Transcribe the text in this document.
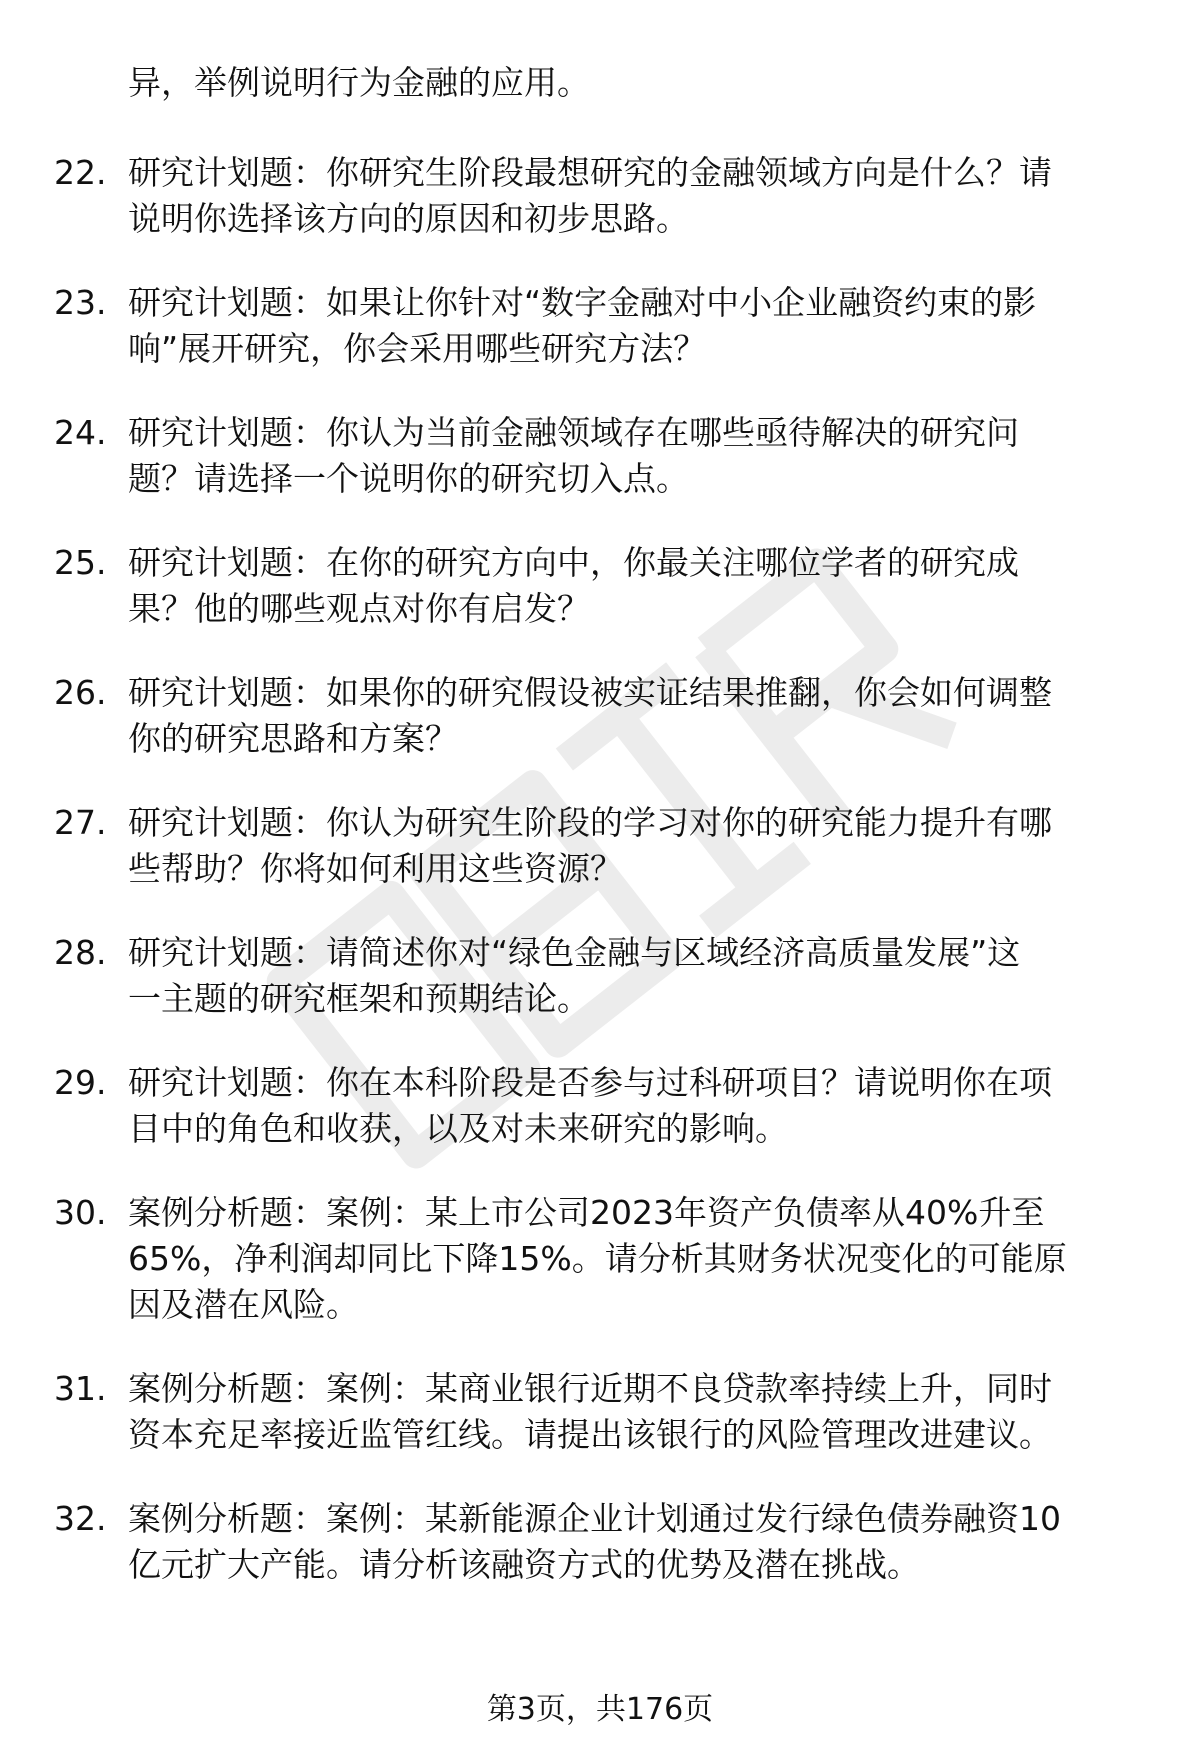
异，举例说明行为金融的应用。
22. 研究计划题：你研究生阶段最想研究的金融领域方向是什么？请
说明你选择该方向的原因和初步思路。
23. 研究计划题：如果让你针对“数字金融对中小企业融资约束的影
响”展开研究，你会采用哪些研究方法？
24. 研究计划题：你认为当前金融领域存在哪些亟待解决的研究问
题？请选择一个说明你的研究切入点。
25. 研究计划题：在你的研究方向中，你最关注哪位学者的研究成
果？他的哪些观点对你有启发？
26. 研究计划题：如果你的研究假设被实证结果推翻，你会如何调整
你的研究思路和方案？
27. 研究计划题：你认为研究生阶段的学习对你的研究能力提升有哪
些帮助？你将如何利用这些资源？
28. 研究计划题：请简述你对“绿色金融与区域经济高质量发展”这
一主题的研究框架和预期结论。
29. 研究计划题：你在本科阶段是否参与过科研项目？请说明你在项
目中的角色和收获，以及对未来研究的影响。
30. 案例分析题：案例：某上市公司2023年资产负债率从40%升至
65%，净利润却同比下降15%。请分析其财务状况变化的可能原
因及潜在风险。
31. 案例分析题：案例：某商业银行近期不良贷款率持续上升，同时
资本充足率接近监管红线。请提出该银行的风险管理改进建议。
32. 案例分析题：案例：某新能源企业计划通过发行绿色债券融资10
亿元扩大产能。请分析该融资方式的优势及潜在挑战。
第3页，共176页
